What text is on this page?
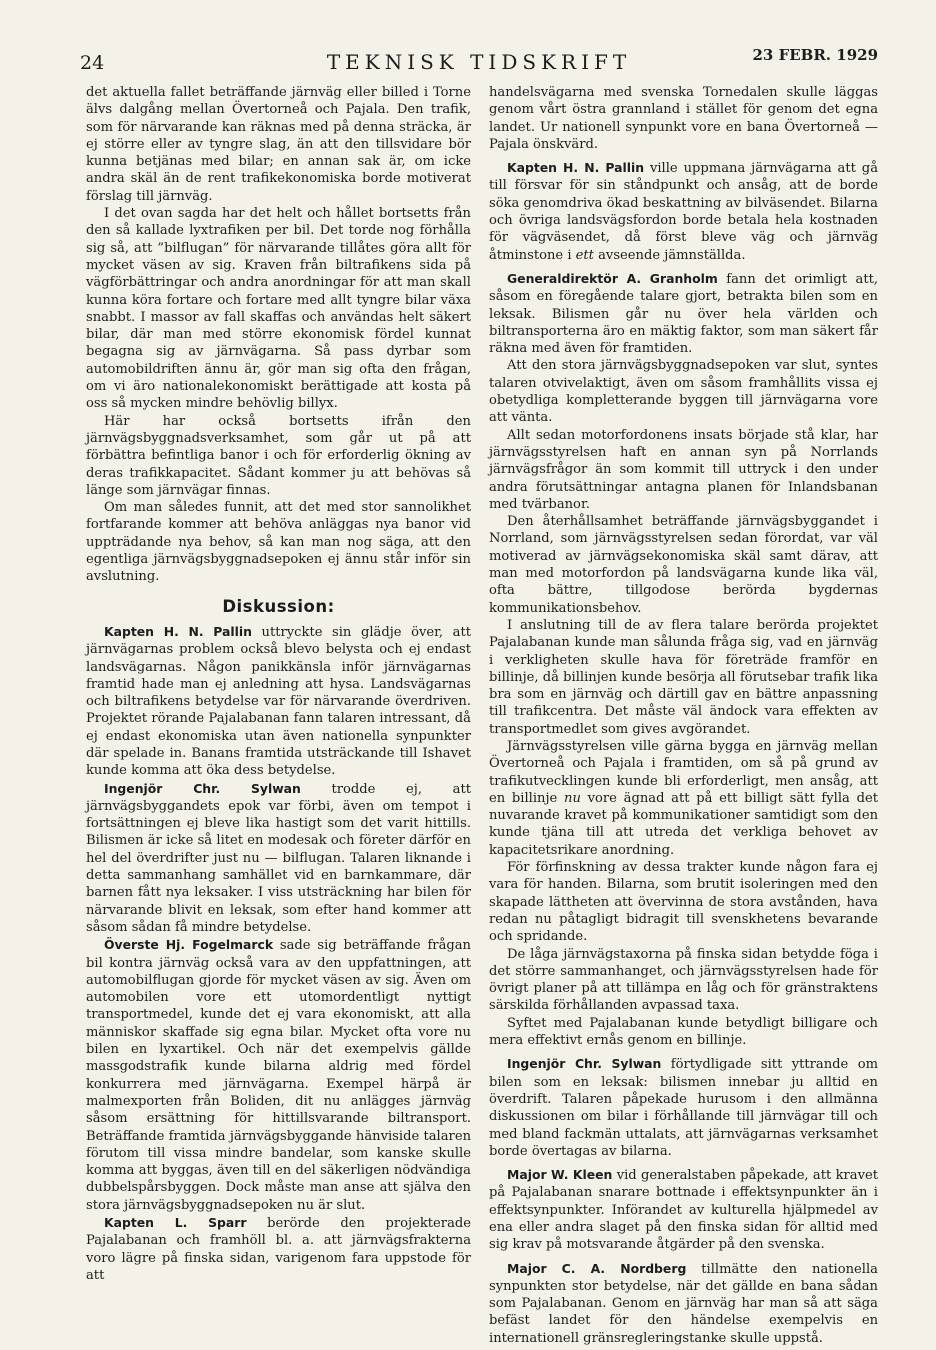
24	TEKNISK TIDSKRIFT	23 FEBR. 1929

det aktuella fallet beträffande järnväg eller billed i Torne älvs dalgång mellan Övertorneå och Pajala. Den trafik, som för närvarande kan räknas med på denna sträcka, är ej större eller av tyngre slag, än att den tillsvidare bör kunna betjänas med bilar; en annan sak är, om icke andra skäl än de rent trafikekonomiska borde motiverat förslag till järnväg.

I det ovan sagda har det helt och hållet bortsetts från den så kallade lyxtrafiken per bil. Det torde nog förhålla sig så, att ”bilflugan” för närvarande tillåtes göra allt för mycket väsen av sig. Kraven från biltrafikens sida på vägförbättringar och andra anordningar för att man skall kunna köra fortare och fortare med allt tyngre bilar växa snabbt. I massor av fall skaffas och användas helt säkert bilar, där man med större ekonomisk fördel kunnat begagna sig av järnvägarna. Så pass dyrbar som automobildriften ännu är, gör man sig ofta den frågan, om vi äro nationalekonomiskt berättigade att kosta på oss så mycken mindre behövlig billyx.

Här har också bortsetts ifrån den järnvägsbyggnadsverksamhet, som går ut på att förbättra befintliga banor i och för erforderlig ökning av deras trafikkapacitet. Sådant kommer ju att behövas så länge som järnvägar finnas.

Om man således funnit, att det med stor sannolikhet fortfarande kommer att behöva anläggas nya banor vid uppträdande nya behov, så kan man nog säga, att den egentliga järnvägsbyggnadsepoken ej ännu står inför sin avslutning.

Diskussion:

Kapten H. N. Pallin uttryckte sin glädje över, att järnvägarnas problem också blevo belysta och ej endast landsvägarnas. Någon panikkänsla inför järnvägarnas framtid hade man ej anledning att hysa. Landsvägarnas och biltrafikens betydelse var för närvarande överdriven. Projektet rörande Pajalabanan fann talaren intressant, då ej endast ekonomiska utan även nationella synpunkter där spelade in. Banans framtida utsträckande till Ishavet kunde komma att öka dess betydelse.

Ingenjör Chr. Sylwan trodde ej, att järnvägsbyggandets epok var förbi, även om tempot i fortsättningen ej bleve lika hastigt som det varit hittills. Bilismen är icke så litet en modesak och företer därför en hel del överdrifter just nu — bilflugan. Talaren liknande i detta sammanhang samhället vid en barnkammare, där barnen fått nya leksaker. I viss utsträckning har bilen för närvarande blivit en leksak, som efter hand kommer att såsom sådan få mindre betydelse.

Överste Hj. Fogelmarck sade sig beträffande frågan bil kontra järnväg också vara av den uppfattningen, att automobilflugan gjorde för mycket väsen av sig. Även om automobilen vore ett utomordentligt nyttigt transportmedel, kunde det ej vara ekonomiskt, att alla människor skaffade sig egna bilar. Mycket ofta vore nu bilen en lyxartikel. Och när det exempelvis gällde massgodstrafik kunde bilarna aldrig med fördel konkurrera med järnvägarna. Exempel härpå är malmexporten från Boliden, dit nu anlägges järnväg såsom ersättning för hittillsvarande biltransport. Beträffande framtida järnvägsbyggande hänviside talaren förutom till vissa mindre bandelar, som kanske skulle komma att byggas, även till en del säkerligen nödvändiga dubbelspårsbyggen. Dock måste man anse att själva den stora järnvägsbyggnadsepoken nu är slut.

Kapten L. Sparr berörde den projekterade Pajalabanan och framhöll bl. a. att järnvägsfrakterna voro lägre på finska sidan, varigenom fara uppstode för att

handelsvägarna med svenska Tornedalen skulle läggas genom vårt östra grannland i stället för genom det egna landet. Ur nationell synpunkt vore en bana Övertorneå —Pajala önskvärd.

Kapten H. N. Pallin ville uppmana järnvägarna att gå till försvar för sin ståndpunkt och ansåg, att de borde söka genomdriva ökad beskattning av bilväsendet. Bilarna och övriga landsvägsfordon borde betala hela kostnaden för vägväsendet, då först bleve väg och järnväg åtminstone i ett avseende jämnställda.

Generaldirektör A. Granholm fann det orimligt att, såsom en föregående talare gjort, betrakta bilen som en leksak. Bilismen går nu över hela världen och biltransporterna äro en mäktig faktor, som man säkert får räkna med även för framtiden.

Att den stora järnvägsbyggnadsepoken var slut, syntes talaren otvivelaktigt, även om såsom framhållits vissa ej obetydliga kompletterande byggen till järnvägarna vore att vänta.

Allt sedan motorfordonens insats började stå klar, har järnvägsstyrelsen haft en annan syn på Norrlands järnvägsfrågor än som kommit till uttryck i den under andra förutsättningar antagna planen för Inlandsbanan med tvärbanor.

Den återhållsamhet beträffande järnvägsbyggandet i Norrland, som järnvägsstyrelsen sedan förordat, var väl motiverad av järnvägsekonomiska skäl samt därav, att man med motorfordon på landsvägarna kunde lika väl, ofta bättre, tillgodose berörda bygdernas kommunikationsbehov.

I anslutning till de av flera talare berörda projektet Pajalabanan kunde man sålunda fråga sig, vad en järnväg i verkligheten skulle hava för företräde framför en billinje, då billinjen kunde besörja all förutsebar trafik lika bra som en järnväg och därtill gav en bättre anpassning till trafikcentra. Det måste väl ändock vara effekten av transportmedlet som gives avgörandet.

Järnvägsstyrelsen ville gärna bygga en järnväg mellan Övertorneå och Pajala i framtiden, om så på grund av trafikutvecklingen kunde bli erforderligt, men ansåg, att en billinje nu vore ägnad att på ett billigt sätt fylla det nuvarande kravet på kommunikationer samtidigt som den kunde tjäna till att utreda det verkliga behovet av kapacitetsrikare anordning.

För förfinskning av dessa trakter kunde någon fara ej vara för handen. Bilarna, som brutit isoleringen med den skapade lättheten att övervinna de stora avstånden, hava redan nu påtagligt bidragit till svenskhetens bevarande och spridande.

De låga järnvägstaxorna på finska sidan betydde föga i det större sammanhanget, och järnvägsstyrelsen hade för övrigt planer på att tillämpa en låg och för gränstraktens särskilda förhållanden avpassad taxa.

Syftet med Pajalabanan kunde betydligt billigare och mera effektivt ernås genom en billinje.

Ingenjör Chr. Sylwan förtydligade sitt yttrande om bilen som en leksak: bilismen innebar ju alltid en överdrift. Talaren påpekade hurusom i den allmänna diskussionen om bilar i förhållande till järnvägar till och med bland fackmän uttalats, att järnvägarnas verksamhet borde övertagas av bilarna.

Major W. Kleen vid generalstaben påpekade, att kravet på Pajalabanan snarare bottnade i effektsynpunkter än i effektsynpunkter. Införandet av kulturella hjälpmedel av ena eller andra slaget på den finska sidan för alltid med sig krav på motsvarande åtgärder på den svenska.

Major C. A. Nordberg tillmätte den nationella synpunkten stor betydelse, när det gällde en bana sådan som Pajalabanan. Genom en järnväg har man så att säga befäst landet för den händelse exempelvis en internationell gränsregleringstanke skulle uppstå.
